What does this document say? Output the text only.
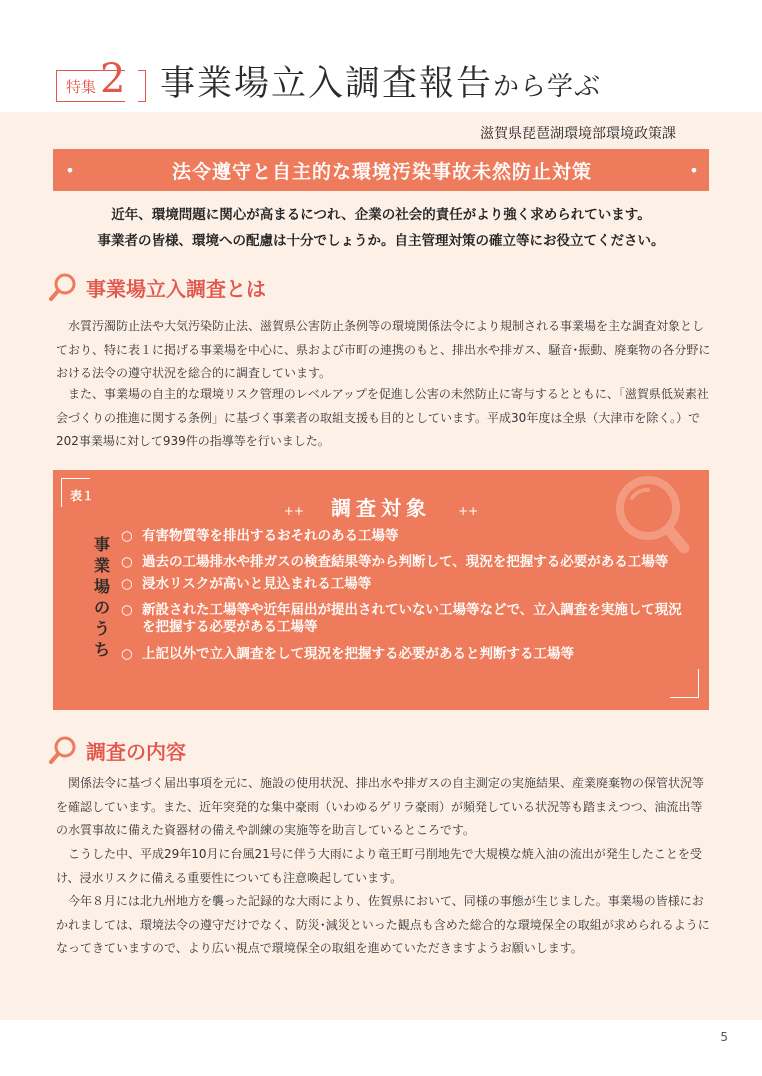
特集 2 事業場立入調査報告から学ぶ
滋賀県琵琶湖環境部環境政策課
•	法令遵守と自主的な環境汚染事故未然防止対策	•
近年、環境問題に関心が高まるにつれ、企業の社会的責任がより強く求められています。
事業者の皆様、環境への配慮は十分でしょうか。自主管理対策の確立等にお役立てください。
事業場立入調査とは

水質汚濁防止法や大気汚染防止法、滋賀県公害防止条例等の環境関係法令により規制される事業場を主な調査対象としており、特に表１に掲げる事業場を中心に、県および市町の連携のもと、排出水や排ガス、騒音･振動、廃棄物の各分野における法令の遵守状況を総合的に調査しています。

また、事業場の自主的な環境リスク管理のレベルアップを促進し公害の未然防止に寄与するとともに、「滋賀県低炭素社会づくりの推進に関する条例」に基づく事業者の取組支援も目的としています。平成30年度は全県（大津市を除く。）で202事業場に対して939件の指導等を行いました。

表１
++ 調査対象 ++
事
業
場
の
う
ち
○ 有害物質等を排出するおそれのある工場等
○ 過去の工場排水や排ガスの検査結果等から判断して、現況を把握する必要がある工場等
○ 浸水リスクが高いと見込まれる工場等
○ 新設された工場等や近年届出が提出されていない工場等などで、立入調査を実施して現況を把握する必要がある工場等
○ 上記以外で立入調査をして現況を把握する必要があると判断する工場等
調査の内容

関係法令に基づく届出事項を元に、施設の使用状況、排出水や排ガスの自主測定の実施結果、産業廃棄物の保管状況等を確認しています。また、近年突発的な集中豪雨（いわゆるゲリラ豪雨）が頻発している状況等も踏まえつつ、油流出等の水質事故に備えた資器材の備えや訓練の実施等を助言しているところです。

こうした中、平成29年10月に台風21号に伴う大雨により竜王町弓削地先で大規模な焼入油の流出が発生したことを受け、浸水リスクに備える重要性についても注意喚起しています。

今年８月には北九州地方を襲った記録的な大雨により、佐賀県において、同様の事態が生じました。事業場の皆様におかれましては、環境法令の遵守だけでなく、防災･減災といった観点も含めた総合的な環境保全の取組が求められるようになってきていますので、より広い視点で環境保全の取組を進めていただきますようお願いします。

5
